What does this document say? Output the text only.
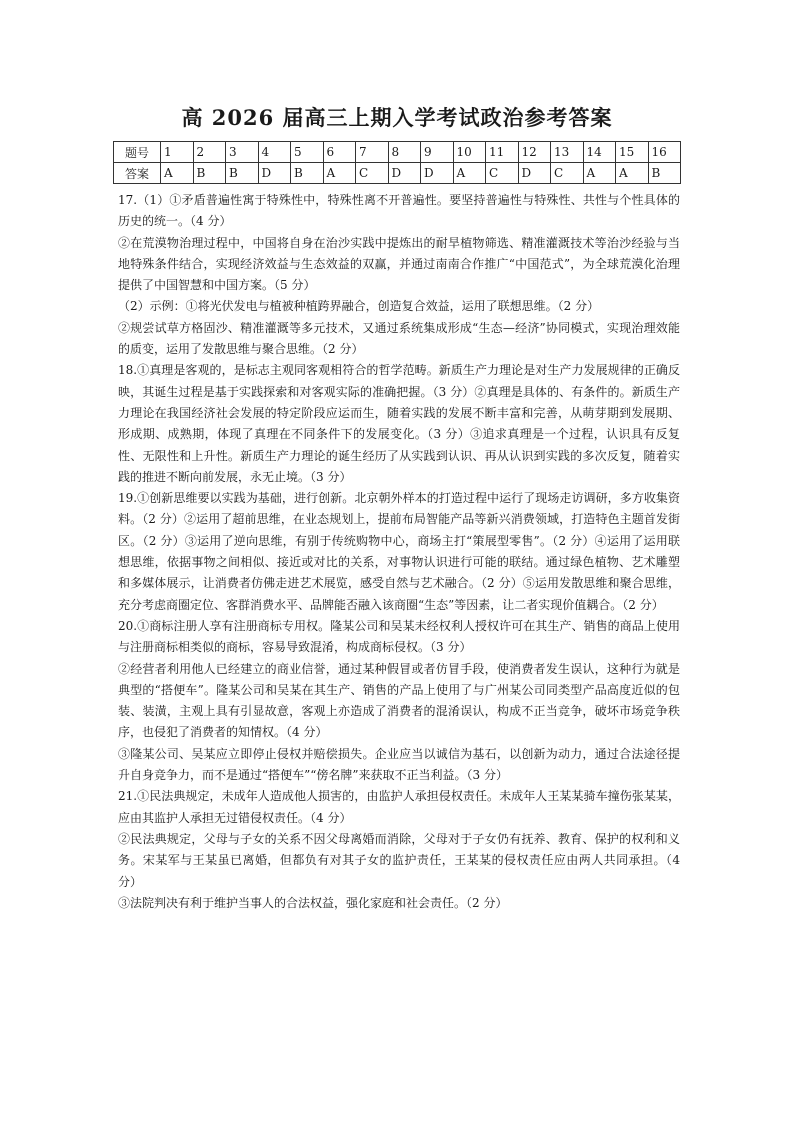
高 2026 届高三上期入学考试政治参考答案
题号	1	2	3	4	5	6	7	8	9	10	11	12	13	14	15	16
答案	A	B	B	D	B	A	C	D	D	A	C	D	C	A	A	B

17.（1）①矛盾普遍性寓于特殊性中，特殊性离不开普遍性。要坚持普遍性与特殊性、共性与个性具体的历史的统一。（4 分）

②在荒漠物治理过程中，中国将自身在治沙实践中提炼出的耐旱植物筛选、精准灌溉技术等治沙经验与当地特殊条件结合，实现经济效益与生态效益的双赢，并通过南南合作推广“中国范式”，为全球荒漠化治理提供了中国智慧和中国方案。（5 分）

（2）示例：①将光伏发电与植被种植跨界融合，创造复合效益，运用了联想思维。（2 分）

②规尝试草方格固沙、精准灌溉等多元技术，又通过系统集成形成“生态—经济”协同模式，实现治理效能的质变，运用了发散思维与聚合思维。（2 分）

18.①真理是客观的，是标志主观同客观相符合的哲学范畴。新质生产力理论是对生产力发展规律的正确反映，其诞生过程是基于实践探索和对客观实际的准确把握。（3 分）②真理是具体的、有条件的。新质生产力理论在我国经济社会发展的特定阶段应运而生，随着实践的发展不断丰富和完善，从萌芽期到发展期、形成期、成熟期，体现了真理在不同条件下的发展变化。（3 分）③追求真理是一个过程，认识具有反复性、无限性和上升性。新质生产力理论的诞生经历了从实践到认识、再从认识到实践的多次反复，随着实践的推进不断向前发展，永无止境。（3 分）

19.①创新思维要以实践为基础，进行创新。北京朝外样本的打造过程中运行了现场走访调研，多方收集资料。（2 分）②运用了超前思维，在业态规划上，提前布局智能产品等新兴消费领域，打造特色主题首发街区。（2 分）③运用了逆向思维，有别于传统购物中心，商场主打“策展型零售”。（2 分）④运用了运用联想思维，依据事物之间相似、接近或对比的关系，对事物认识进行可能的联结。通过绿色植物、艺术雕塑和多媒体展示，让消费者仿佛走进艺术展览，感受自然与艺术融合。（2 分）⑤运用发散思维和聚合思维，充分考虑商圈定位、客群消费水平、品牌能否融入该商圈“生态”等因素，让二者实现价值耦合。（2 分）

20.①商标注册人享有注册商标专用权。隆某公司和吴某未经权利人授权许可在其生产、销售的商品上使用与注册商标相类似的商标，容易导致混淆，构成商标侵权。（3 分）

②经营者利用他人已经建立的商业信誉，通过某种假冒或者仿冒手段，使消费者发生误认，这种行为就是典型的“搭便车”。隆某公司和吴某在其生产、销售的产品上使用了与广州某公司同类型产品高度近似的包装、装潢，主观上具有引显故意，客观上亦造成了消费者的混淆误认，构成不正当竞争，破坏市场竞争秩序，也侵犯了消费者的知情权。（4 分）

③隆某公司、吴某应立即停止侵权并赔偿损失。企业应当以诚信为基石，以创新为动力，通过合法途径提升自身竞争力，而不是通过“搭便车”“傍名牌”来获取不正当利益。（3 分）

21.①民法典规定，未成年人造成他人损害的，由监护人承担侵权责任。未成年人王某某骑车撞伤张某某，应由其监护人承担无过错侵权责任。（4 分）

②民法典规定，父母与子女的关系不因父母离婚而消除，父母对于子女仍有抚养、教育、保护的权利和义务。宋某军与王某虽已离婚，但都负有对其子女的监护责任，王某某的侵权责任应由两人共同承担。（4 分）

③法院判决有利于维护当事人的合法权益，强化家庭和社会责任。（2 分）
